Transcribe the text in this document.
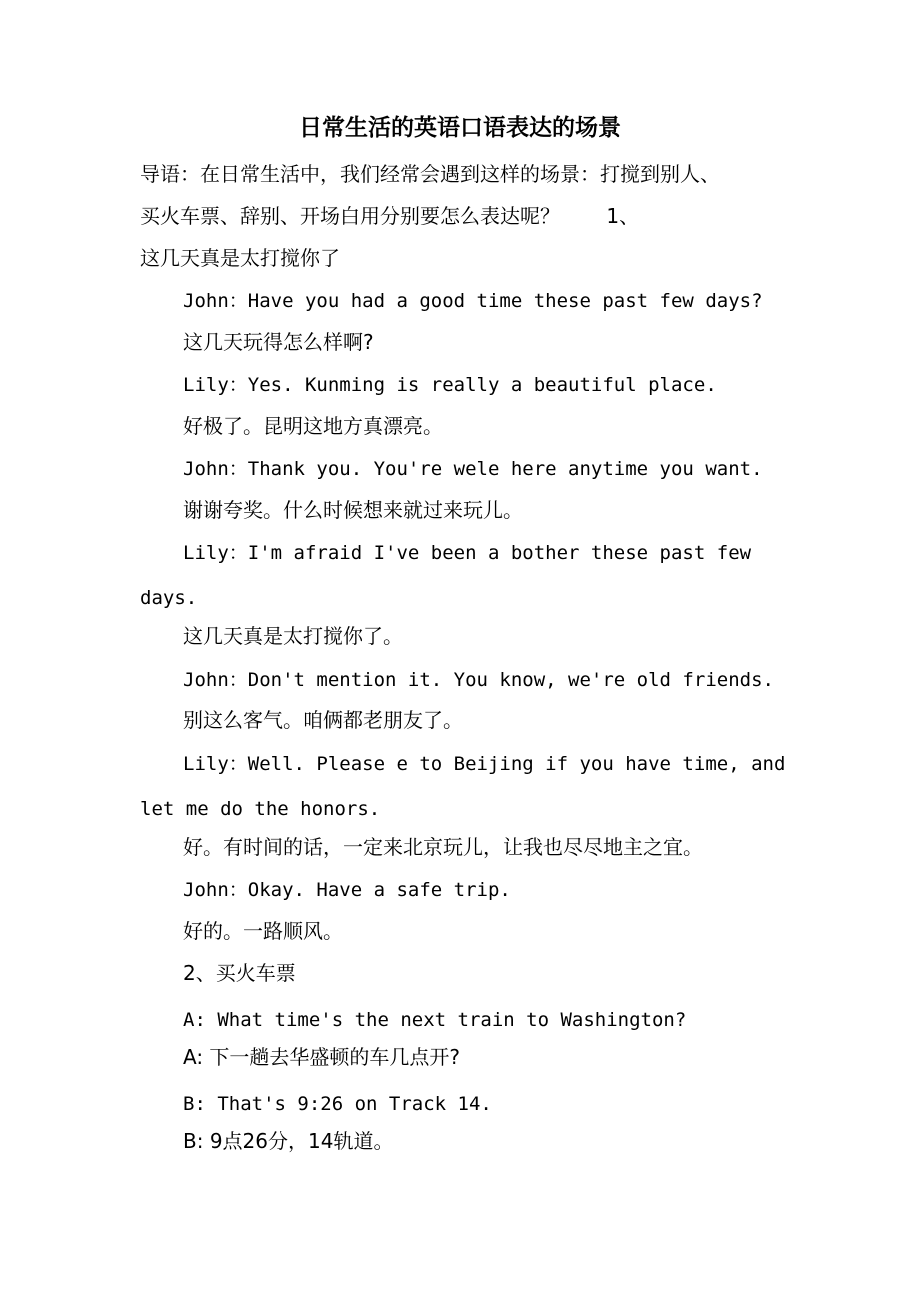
日常生活的英语口语表达的场景
导语：在日常生活中，我们经常会遇到这样的场景：打搅到别人、
买火车票、辞别、开场白用分别要怎么表达呢？　　 1、
这几天真是太打搅你了
John：Have you had a good time these past few days?
这几天玩得怎么样啊?
Lily：Yes. Kunming is really a beautiful place.
好极了。昆明这地方真漂亮。
John：Thank you. You're wele here anytime you want.
谢谢夸奖。什么时候想来就过来玩儿。
Lily：I'm afraid I've been a bother these past few
days.
这几天真是太打搅你了。
John：Don't mention it. You know, we're old friends.
别这么客气。咱俩都老朋友了。
Lily：Well. Please e to Beijing if you have time, and
let me do the honors.
好。有时间的话，一定来北京玩儿，让我也尽尽地主之宜。
John：Okay. Have a safe trip.
好的。一路顺风。
2、买火车票
A: What time's the next train to Washington?
A: 下一趟去华盛顿的车几点开?
B: That's 9:26 on Track 14.
B: 9点26分，14轨道。
